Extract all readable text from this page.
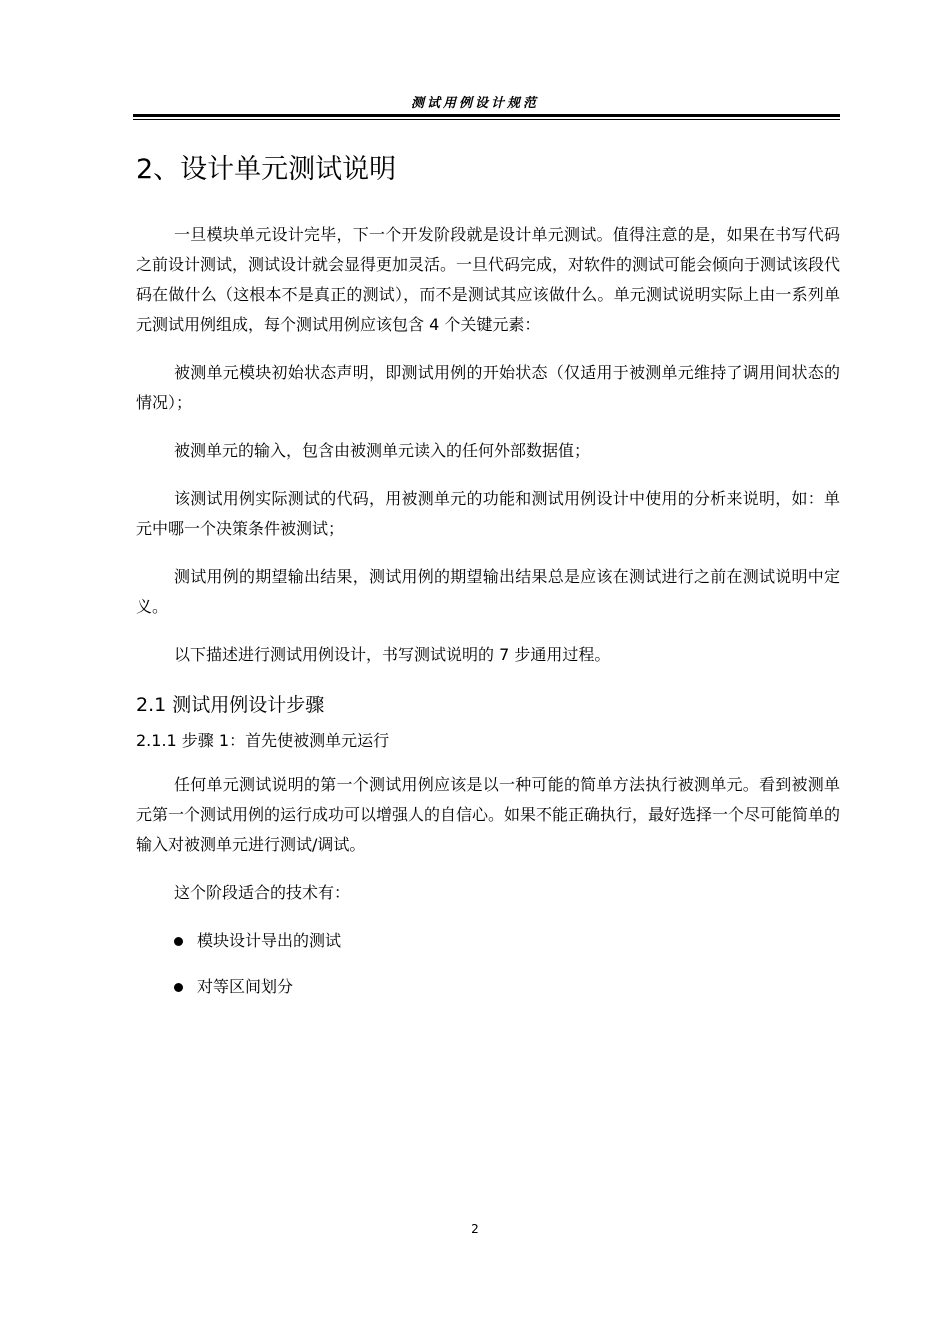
测试用例设计规范
2、设计单元测试说明

一旦模块单元设计完毕，下一个开发阶段就是设计单元测试。值得注意的是，如果在书写代码之前设计测试，测试设计就会显得更加灵活。一旦代码完成，对软件的测试可能会倾向于测试该段代码在做什么（这根本不是真正的测试），而不是测试其应该做什么。单元测试说明实际上由一系列单元测试用例组成，每个测试用例应该包含 4 个关键元素：

被测单元模块初始状态声明，即测试用例的开始状态（仅适用于被测单元维持了调用间状态的情况）；

被测单元的输入，包含由被测单元读入的任何外部数据值；

该测试用例实际测试的代码，用被测单元的功能和测试用例设计中使用的分析来说明，如：单元中哪一个决策条件被测试；

测试用例的期望输出结果，测试用例的期望输出结果总是应该在测试进行之前在测试说明中定义。

以下描述进行测试用例设计，书写测试说明的 7 步通用过程。

2.1 测试用例设计步骤
2.1.1 步骤 1：首先使被测单元运行

任何单元测试说明的第一个测试用例应该是以一种可能的简单方法执行被测单元。看到被测单元第一个测试用例的运行成功可以增强人的自信心。如果不能正确执行，最好选择一个尽可能简单的输入对被测单元进行测试/调试。

这个阶段适合的技术有：

模块设计导出的测试
对等区间划分
2
